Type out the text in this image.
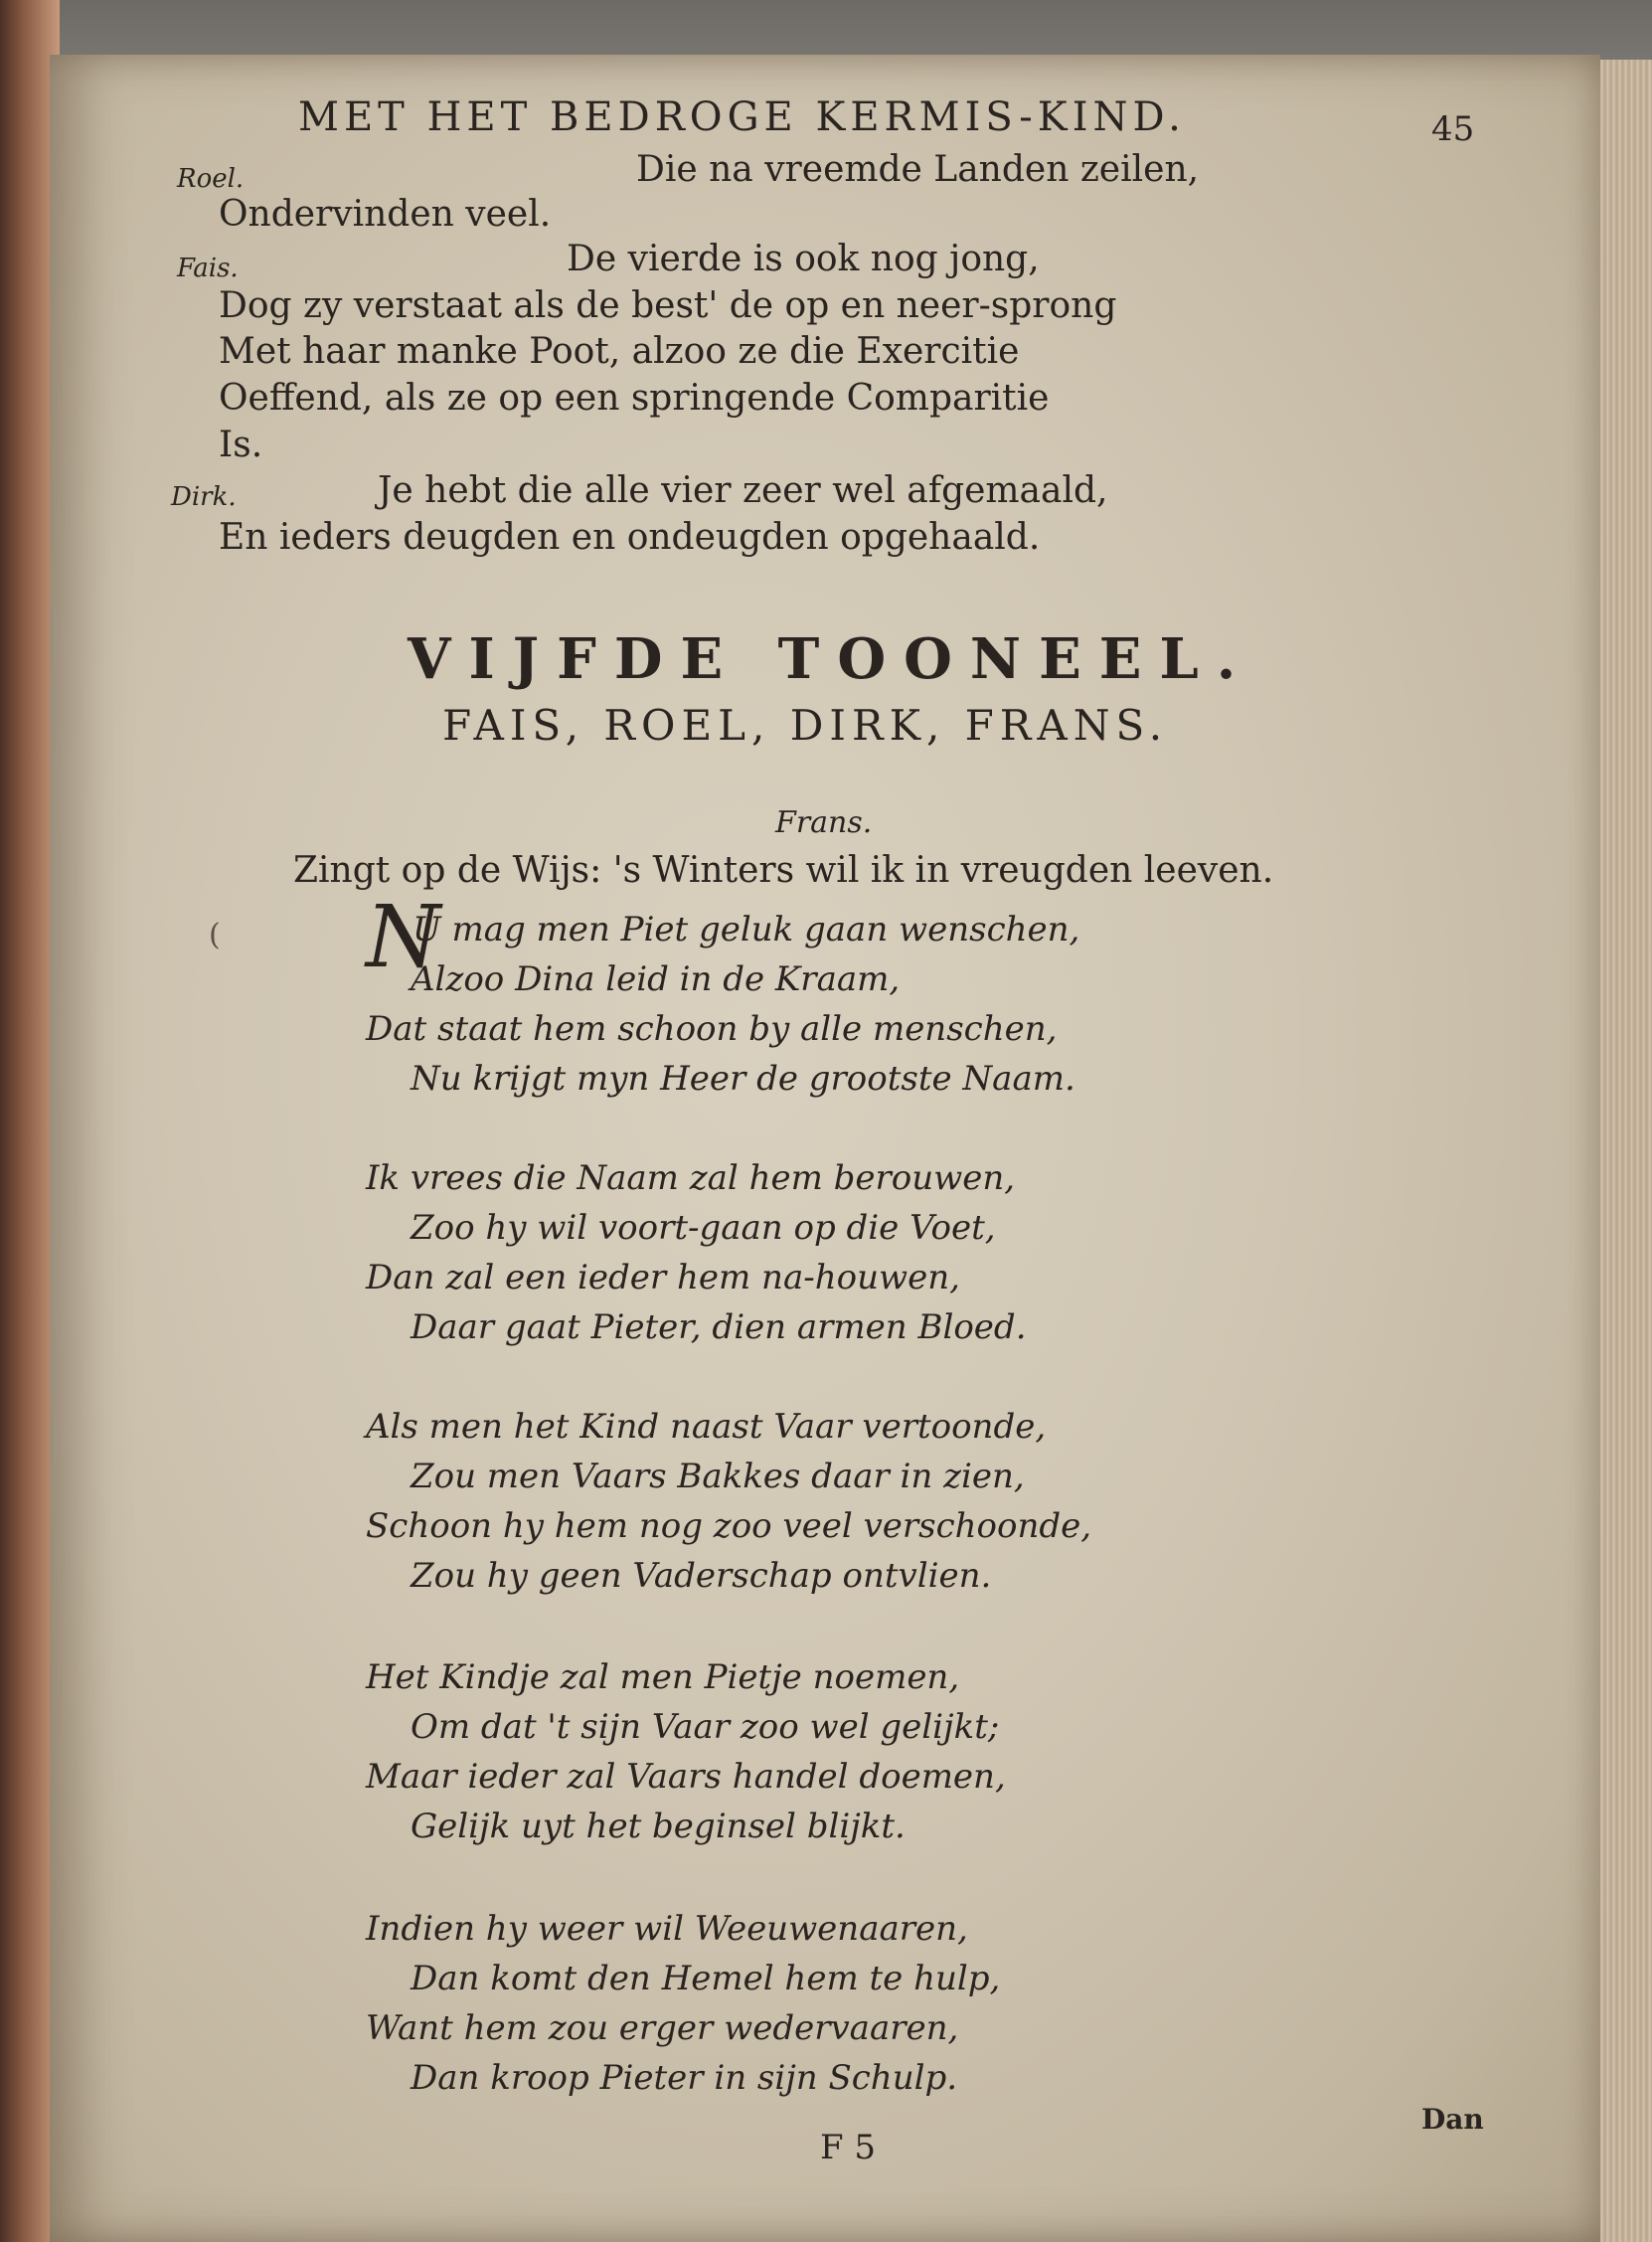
MET HET BEDROGE KERMIS-KIND.	45
Roel.	Die na vreemde Landen zeilen,
Ondervinden veel.
Fais.	De vierde is ook nog jong,
Dog zy verstaat als de best' de op en neer-sprong
Met haar manke Poot, alzoo ze die Exercitie
Oeffend, als ze op een springende Comparitie
Is.
Dirk.	Je hebt die alle vier zeer wel afgemaald,
En ieders deugden en ondeugden opgehaald.
VIJFDE TOONEEL.
FAIS, ROEL, DIRK, FRANS.
Frans.
Zingt op de Wijs: 's Winters wil ik in vreugden leeven.
( N
U mag men Piet geluk gaan wenschen,
Alzoo Dina leid in de Kraam,
Dat staat hem schoon by alle menschen,
Nu krijgt myn Heer de grootste Naam.
Ik vrees die Naam zal hem berouwen,
Zoo hy wil voort-gaan op die Voet,
Dan zal een ieder hem na-houwen,
Daar gaat Pieter, dien armen Bloed.
Als men het Kind naast Vaar vertoonde,
Zou men Vaars Bakkes daar in zien,
Schoon hy hem nog zoo veel verschoonde,
Zou hy geen Vaderschap ontvlien.
Het Kindje zal men Pietje noemen,
Om dat 't sijn Vaar zoo wel gelijkt;
Maar ieder zal Vaars handel doemen,
Gelijk uyt het beginsel blijkt.
Indien hy weer wil Weeuwenaaren,
Dan komt den Hemel hem te hulp,
Want hem zou erger wedervaaren,
Dan kroop Pieter in sijn Schulp.
F 5
Dan
